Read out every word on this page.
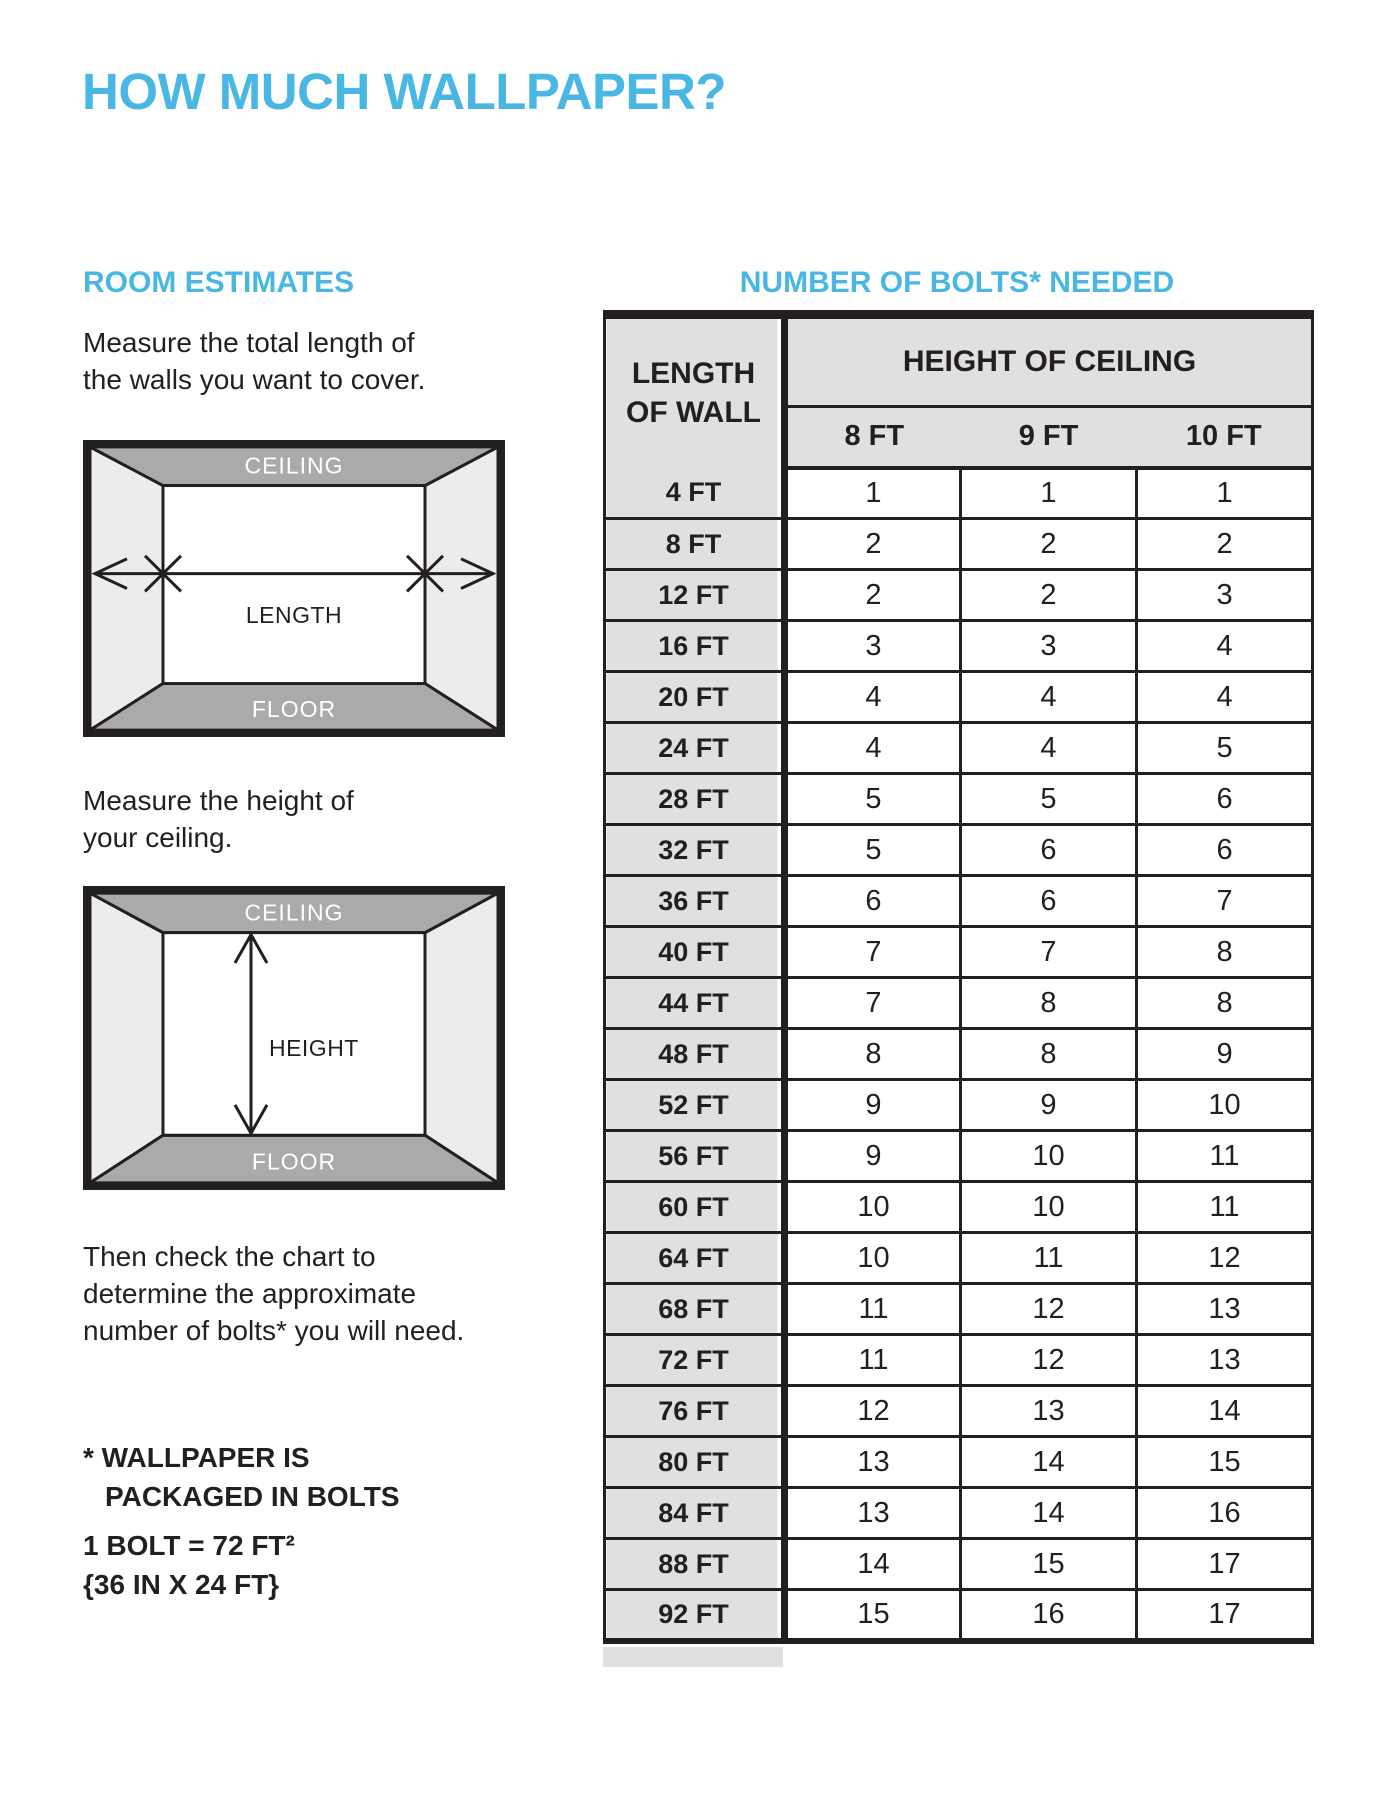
HOW MUCH WALLPAPER?
ROOM ESTIMATES

Measure the total length of
the walls you want to cover.

CEILING
FLOOR
LENGTH

Measure the height of
your ceiling.

CEILING
FLOOR
HEIGHT

Then check the chart to
determine the approximate
number of bolts* you will need.

* WALLPAPER IS
PACKAGED IN BOLTS
1 BOLT = 72 FT²
{36 IN X 24 FT}
NUMBER OF BOLTS* NEEDED
LENGTH
OF WALL	HEIGHT OF CEILING		
	8 FT	9 FT	10 FT
4 FT	1	1	1
8 FT	2	2	2
12 FT	2	2	3
16 FT	3	3	4
20 FT	4	4	4
24 FT	4	4	5
28 FT	5	5	6
32 FT	5	6	6
36 FT	6	6	7
40 FT	7	7	8
44 FT	7	8	8
48 FT	8	8	9
52 FT	9	9	10
56 FT	9	10	11
60 FT	10	10	11
64 FT	10	11	12
68 FT	11	12	13
72 FT	11	12	13
76 FT	12	13	14
80 FT	13	14	15
84 FT	13	14	16
88 FT	14	15	17
92 FT	15	16	17
